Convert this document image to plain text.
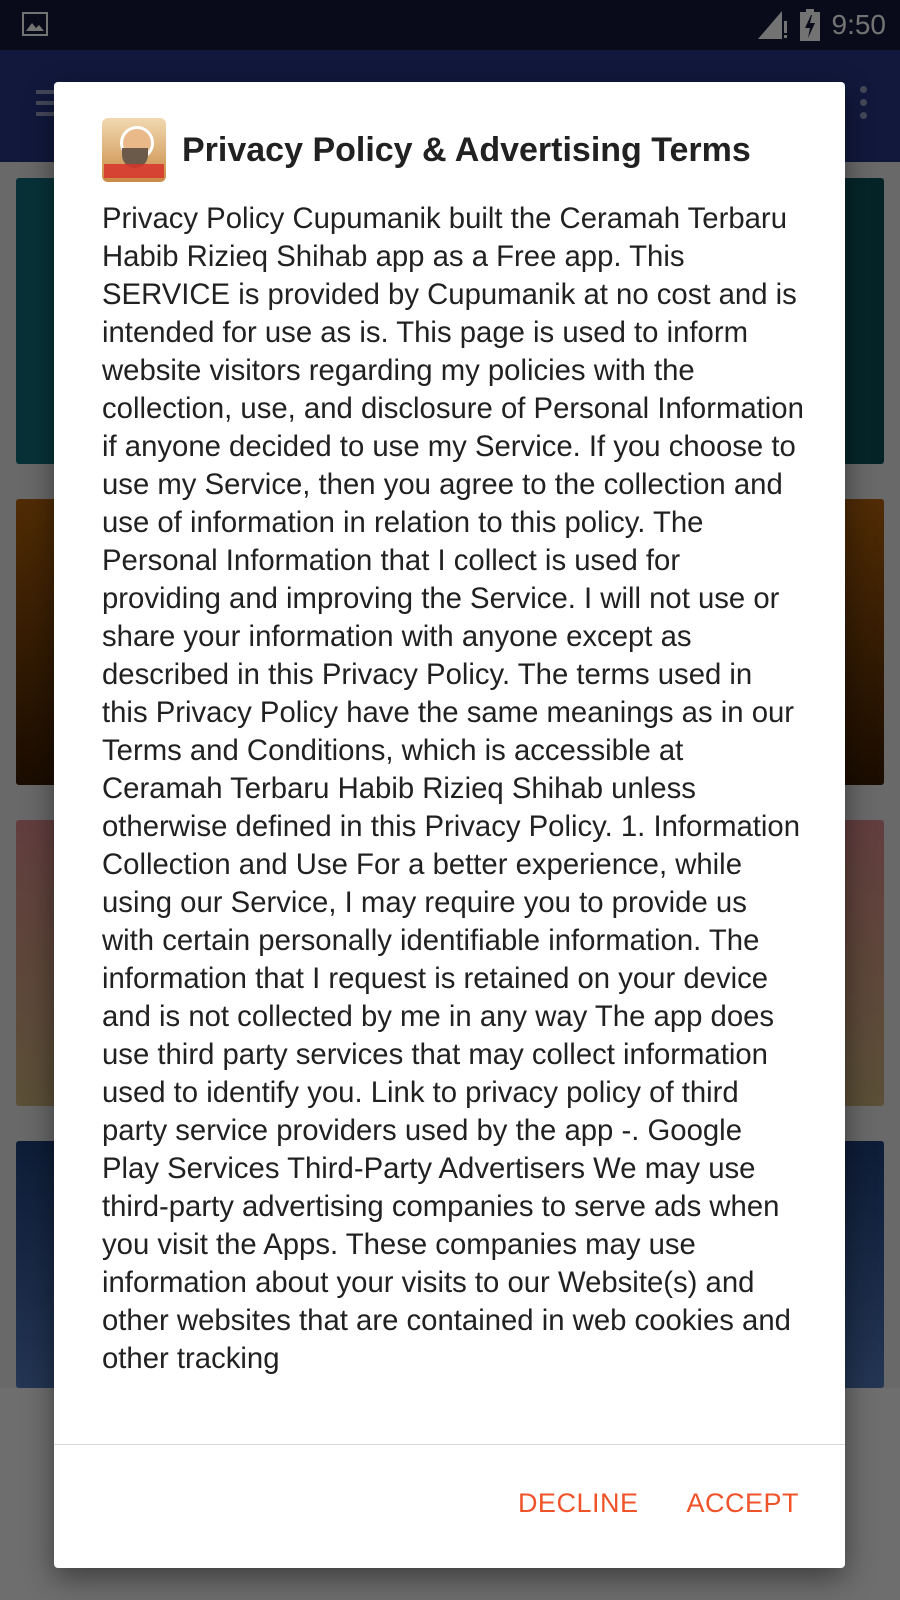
Privacy Policy & Advertising Terms
Privacy Policy Cupumanik built the Ceramah Terbaru Habib Rizieq Shihab app as a Free app. This SERVICE is provided by Cupumanik at no cost and is intended for use as is. This page is used to inform website visitors regarding my policies with the collection, use, and disclosure of Personal Information if anyone decided to use my Service. If you choose to use my Service, then you agree to the collection and use of information in relation to this policy. The Personal Information that I collect is used for providing and improving the Service. I will not use or share your information with anyone except as described in this Privacy Policy. The terms used in this Privacy Policy have the same meanings as in our Terms and Conditions, which is accessible at Ceramah Terbaru Habib Rizieq Shihab unless otherwise defined in this Privacy Policy. 1. Information Collection and Use For a better experience, while using our Service, I may require you to provide us with certain personally identifiable information. The information that I request is retained on your device and is not collected by me in any way The app does use third party services that may collect information used to identify you. Link to privacy policy of third party service providers used by the app -. Google Play Services Third-Party Advertisers We may use third-party advertising companies to serve ads when you visit the Apps. These companies may use information about your visits to our Website(s) and other websites that are contained in web cookies and other tracking
DECLINE ACCEPT
